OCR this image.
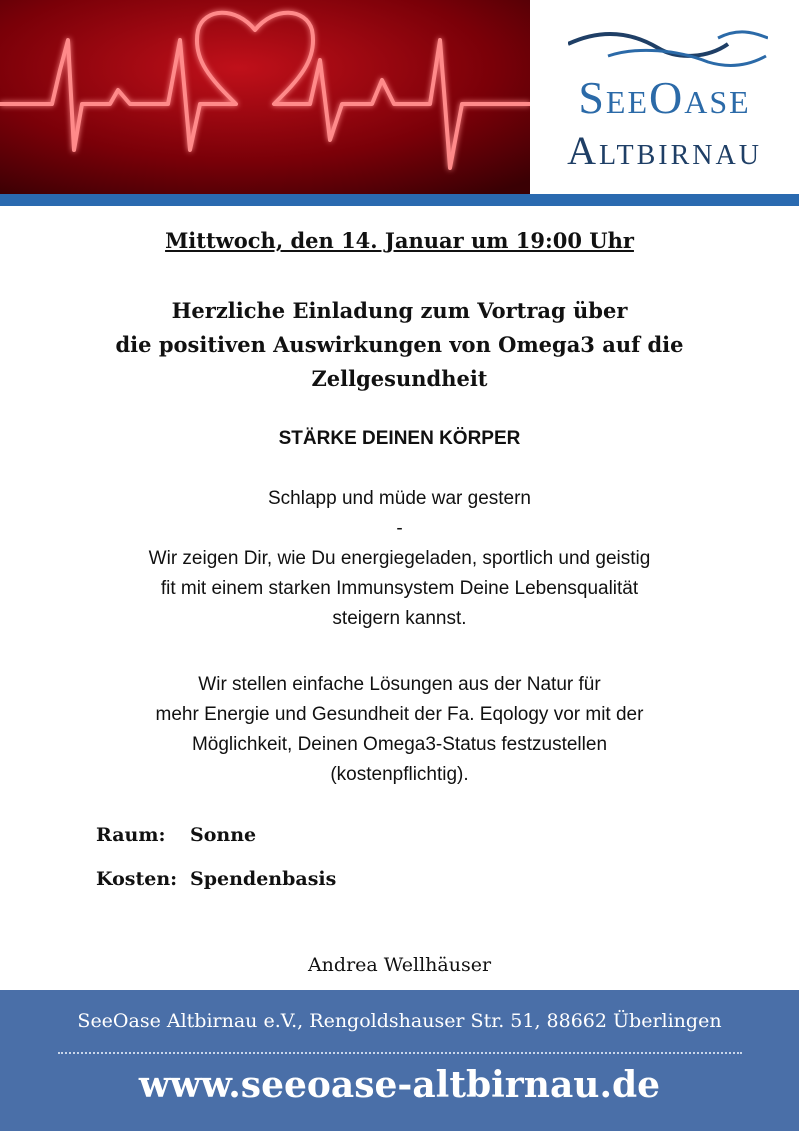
SeeOase
Altbirnau
Mittwoch, den 14. Januar um 19:00 Uhr
Herzliche Einladung zum Vortrag über
die positiven Auswirkungen von Omega3 auf die
Zellgesundheit
STÄRKE DEINEN KÖRPER
Schlapp und müde war gestern
-
Wir zeigen Dir, wie Du energiegeladen, sportlich und geistig
fit mit einem starken Immunsystem Deine Lebensqualität
steigern kannst.
Wir stellen einfache Lösungen aus der Natur für
mehr Energie und Gesundheit der Fa. Eqology vor mit der
Möglichkeit, Deinen Omega3-Status festzustellen
(kostenpflichtig).
Raum: Sonne
Kosten: Spendenbasis
Andrea Wellhäuser
SeeOase Altbirnau e.V., Rengoldshauser Str. 51, 88662 Überlingen
www.seeoase-altbirnau.de
